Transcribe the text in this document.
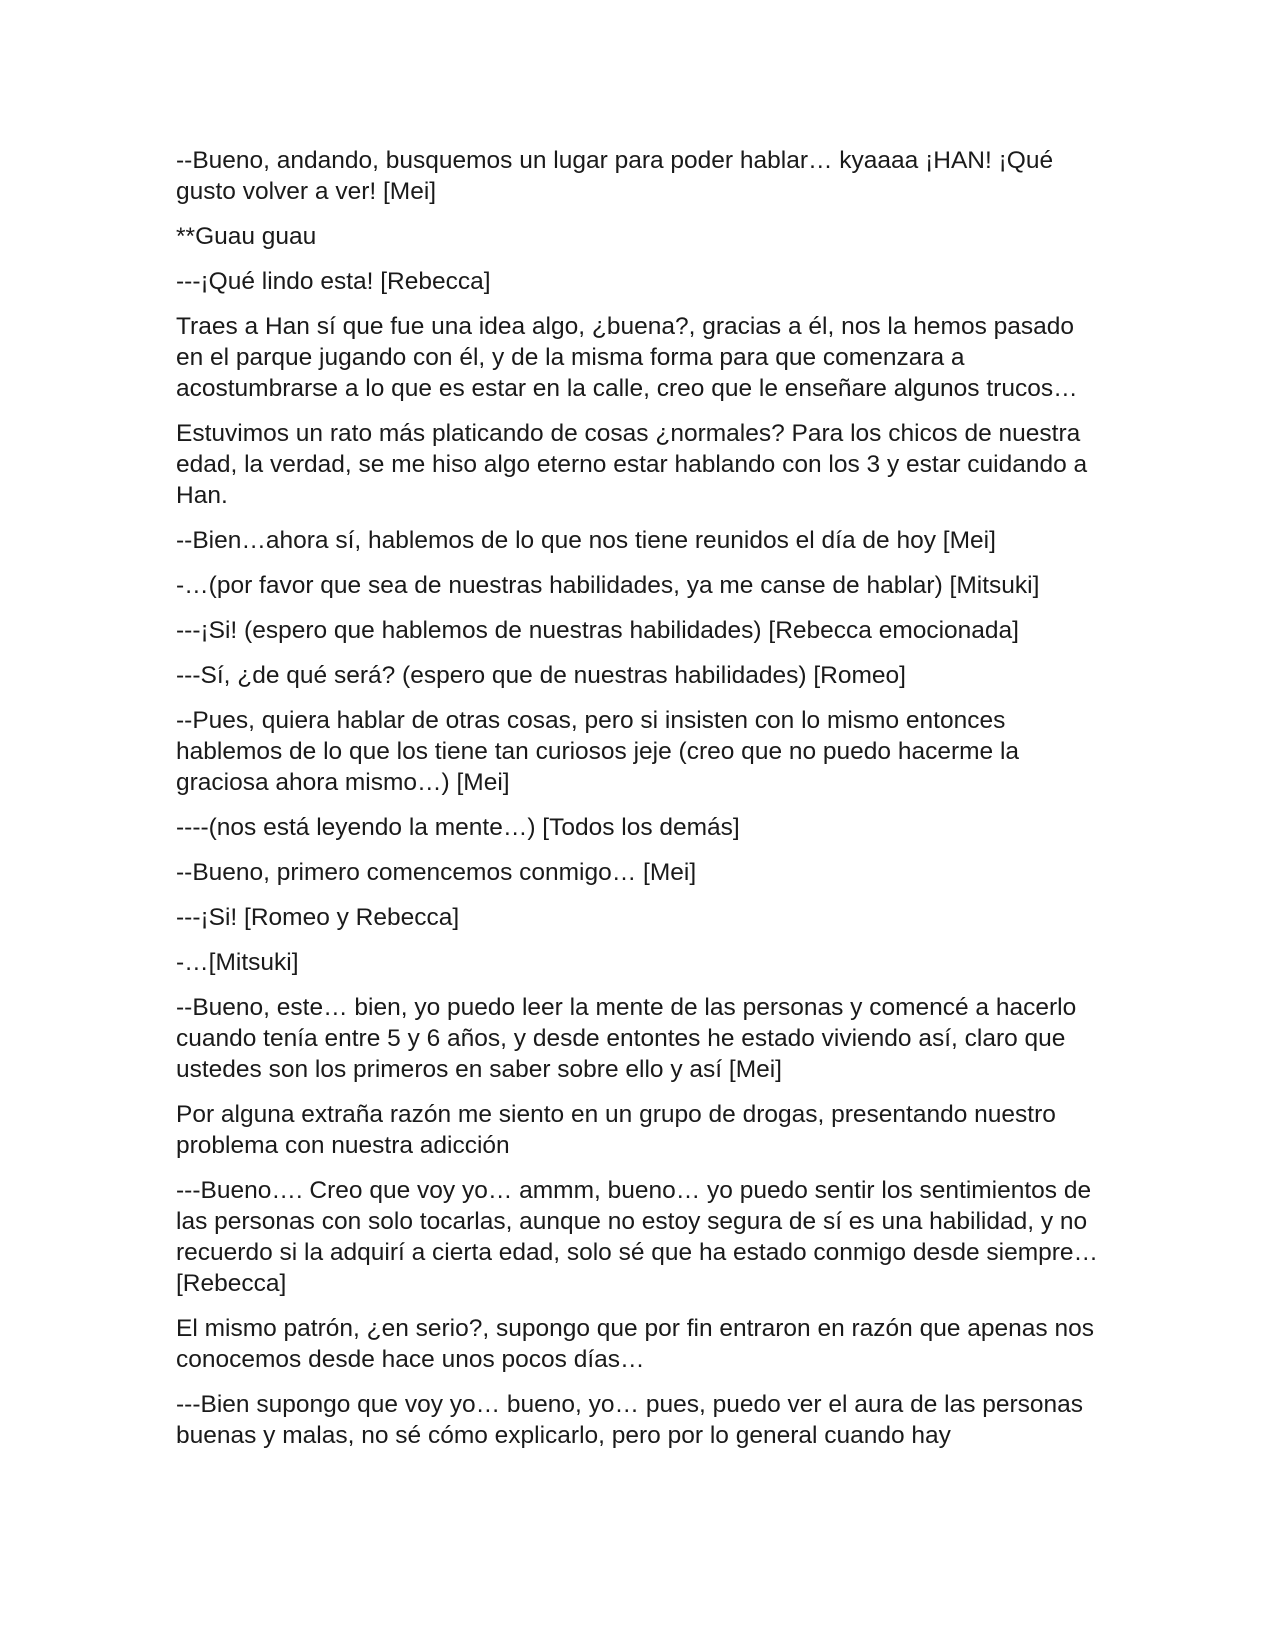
--Bueno, andando, busquemos un lugar para poder hablar… kyaaaa ¡HAN! ¡Qué gusto volver a ver! [Mei]

**Guau guau

---¡Qué lindo esta! [Rebecca]

Traes a Han sí que fue una idea algo, ¿buena?, gracias a él, nos la hemos pasado en el parque jugando con él, y de la misma forma para que comenzara a acostumbrarse a lo que es estar en la calle, creo que le enseñare algunos trucos…

Estuvimos un rato más platicando de cosas ¿normales? Para los chicos de nuestra edad, la verdad, se me hiso algo eterno estar hablando con los 3 y estar cuidando a Han.

--Bien…ahora sí, hablemos de lo que nos tiene reunidos el día de hoy [Mei]

-…(por favor que sea de nuestras habilidades, ya me canse de hablar) [Mitsuki]

---¡Si! (espero que hablemos de nuestras habilidades) [Rebecca emocionada]

---Sí, ¿de qué será? (espero que de nuestras habilidades) [Romeo]

--Pues, quiera hablar de otras cosas, pero si insisten con lo mismo entonces hablemos de lo que los tiene tan curiosos jeje (creo que no puedo hacerme la graciosa ahora mismo…) [Mei]

----(nos está leyendo la mente…) [Todos los demás]

--Bueno, primero comencemos conmigo… [Mei]

---¡Si! [Romeo y Rebecca]

-…[Mitsuki]

--Bueno, este… bien, yo puedo leer la mente de las personas y comencé a hacerlo cuando tenía entre 5 y 6 años, y desde entontes he estado viviendo así, claro que ustedes son los primeros en saber sobre ello y así [Mei]

Por alguna extraña razón me siento en un grupo de drogas, presentando nuestro problema con nuestra adicción

---Bueno…. Creo que voy yo… ammm, bueno… yo puedo sentir los sentimientos de las personas con solo tocarlas, aunque no estoy segura de sí es una habilidad, y no recuerdo si la adquirí a cierta edad, solo sé que ha estado conmigo desde siempre… [Rebecca]

El mismo patrón, ¿en serio?, supongo que por fin entraron en razón que apenas nos conocemos desde hace unos pocos días…

---Bien supongo que voy yo… bueno, yo… pues, puedo ver el aura de las personas buenas y malas, no sé cómo explicarlo, pero por lo general cuando hay
